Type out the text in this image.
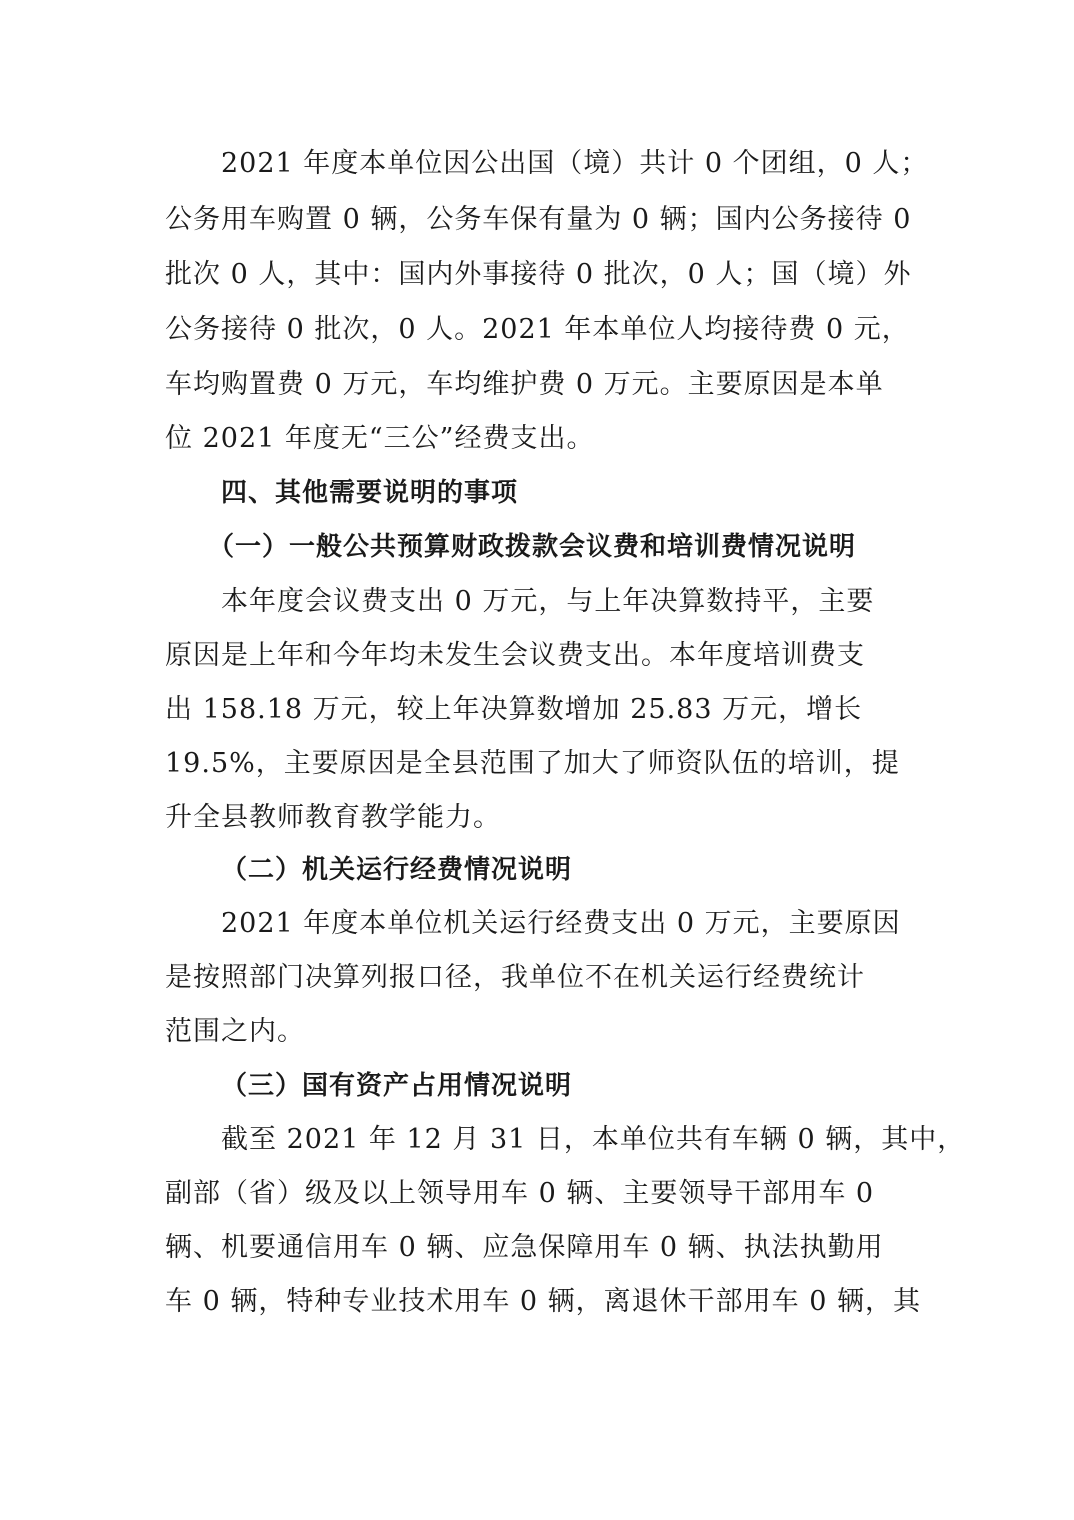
2021 年度本单位因公出国（境）共计 0 个团组，0 人；
公务用车购置 0 辆，公务车保有量为 0 辆；国内公务接待 0
批次 0 人，其中：国内外事接待 0 批次，0 人；国（境）外
公务接待 0 批次，0 人。2021 年本单位人均接待费 0 元，
车均购置费 0 万元，车均维护费 0 万元。主要原因是本单
位 2021 年度无“三公”经费支出。
四、其他需要说明的事项
（一）一般公共预算财政拨款会议费和培训费情况说明
本年度会议费支出 0 万元，与上年决算数持平，主要
原因是上年和今年均未发生会议费支出。本年度培训费支
出 158.18 万元，较上年决算数增加 25.83 万元，增长
19.5%，主要原因是全县范围了加大了师资队伍的培训，提
升全县教师教育教学能力。
（二）机关运行经费情况说明
2021 年度本单位机关运行经费支出 0 万元，主要原因
是按照部门决算列报口径，我单位不在机关运行经费统计
范围之内。
（三）国有资产占用情况说明
截至 2021 年 12 月 31 日，本单位共有车辆 0 辆，其中，
副部（省）级及以上领导用车 0 辆、主要领导干部用车 0
辆、机要通信用车 0 辆、应急保障用车 0 辆、执法执勤用
车 0 辆，特种专业技术用车 0 辆，离退休干部用车 0 辆，其
